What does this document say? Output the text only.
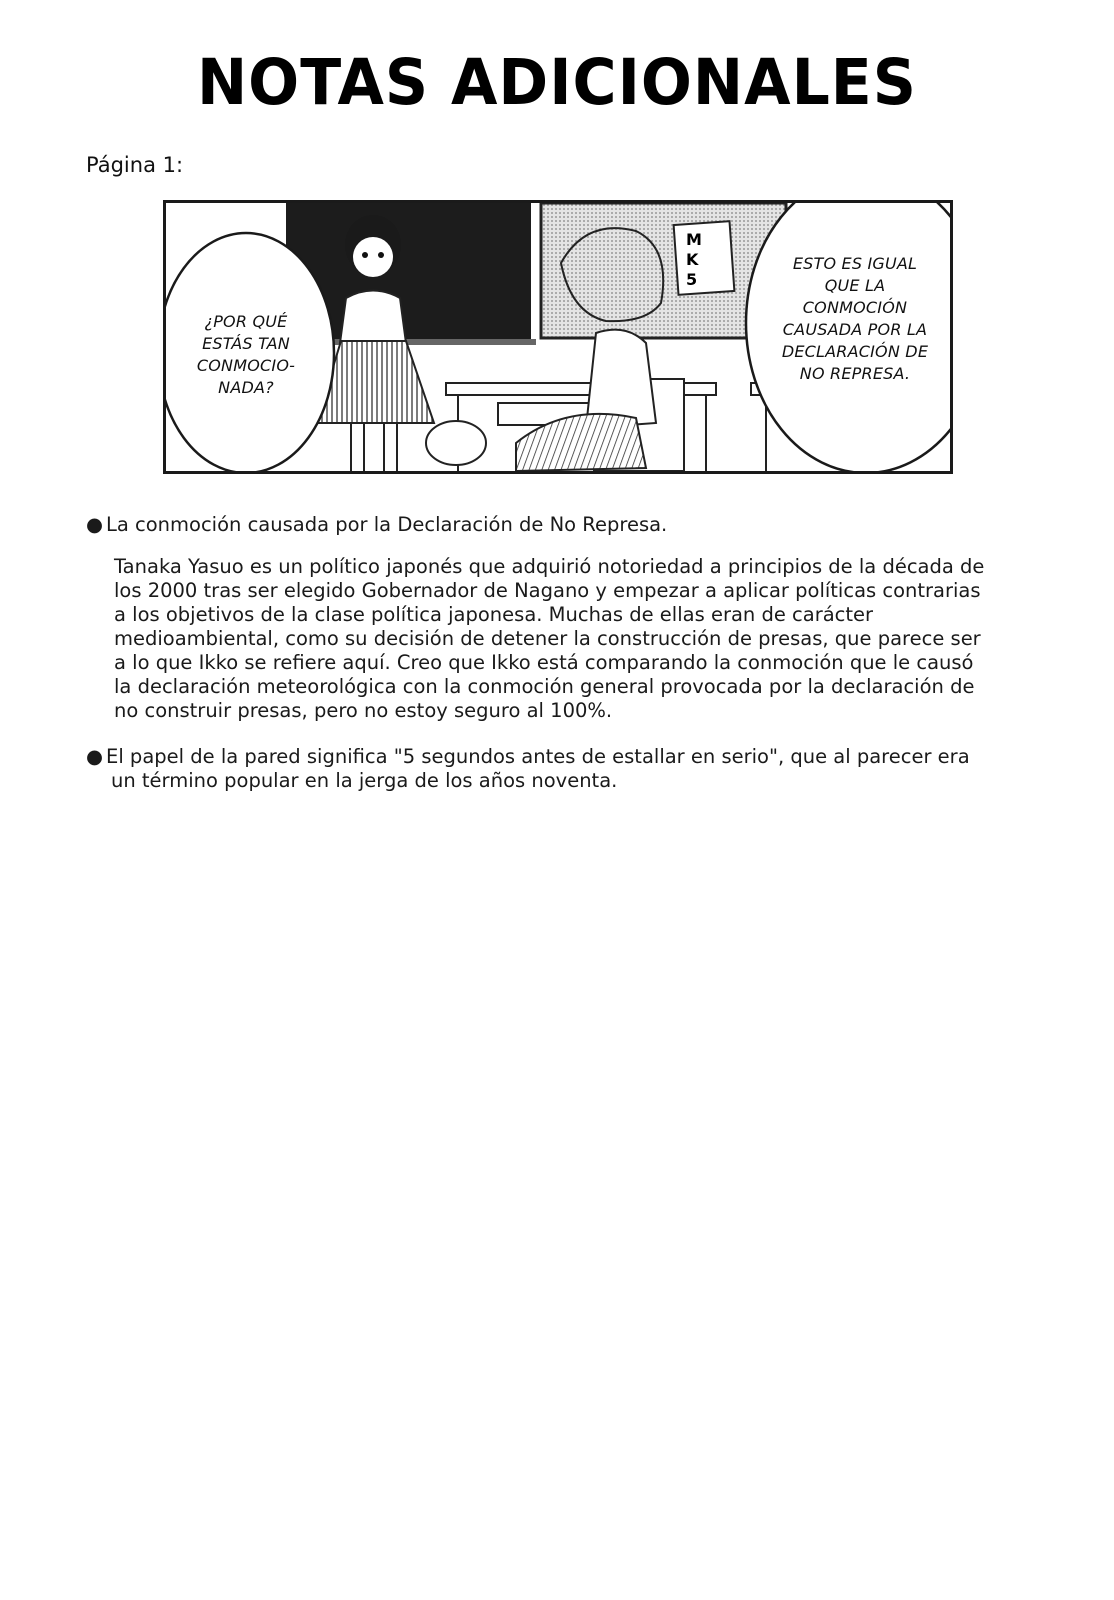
NOTAS ADICIONALES
Página 1:
M
K
5
¿POR QUÉ
ESTÁS TAN
CONMOCIO-
NADA?
ESTO ES IGUAL
QUE LA
CONMOCIÓN
CAUSADA POR LA
DECLARACIÓN DE
NO REPRESA.
● La conmoción causada por la Declaración de No Represa.

Tanaka Yasuo es un político japonés que adquirió notoriedad a principios de la década de

los 2000 tras ser elegido Gobernador de Nagano y empezar a aplicar políticas contrarias

a los objetivos de la clase política japonesa. Muchas de ellas eran de carácter

medioambiental, como su decisión de detener la construcción de presas, que parece ser

a lo que Ikko se refiere aquí. Creo que Ikko está comparando la conmoción que le causó

la declaración meteorológica con la conmoción general provocada por la declaración de

no construir presas, pero no estoy seguro al 100%.

● El papel de la pared significa "5 segundos antes de estallar en serio", que al parecer era
un término popular en la jerga de los años noventa.
